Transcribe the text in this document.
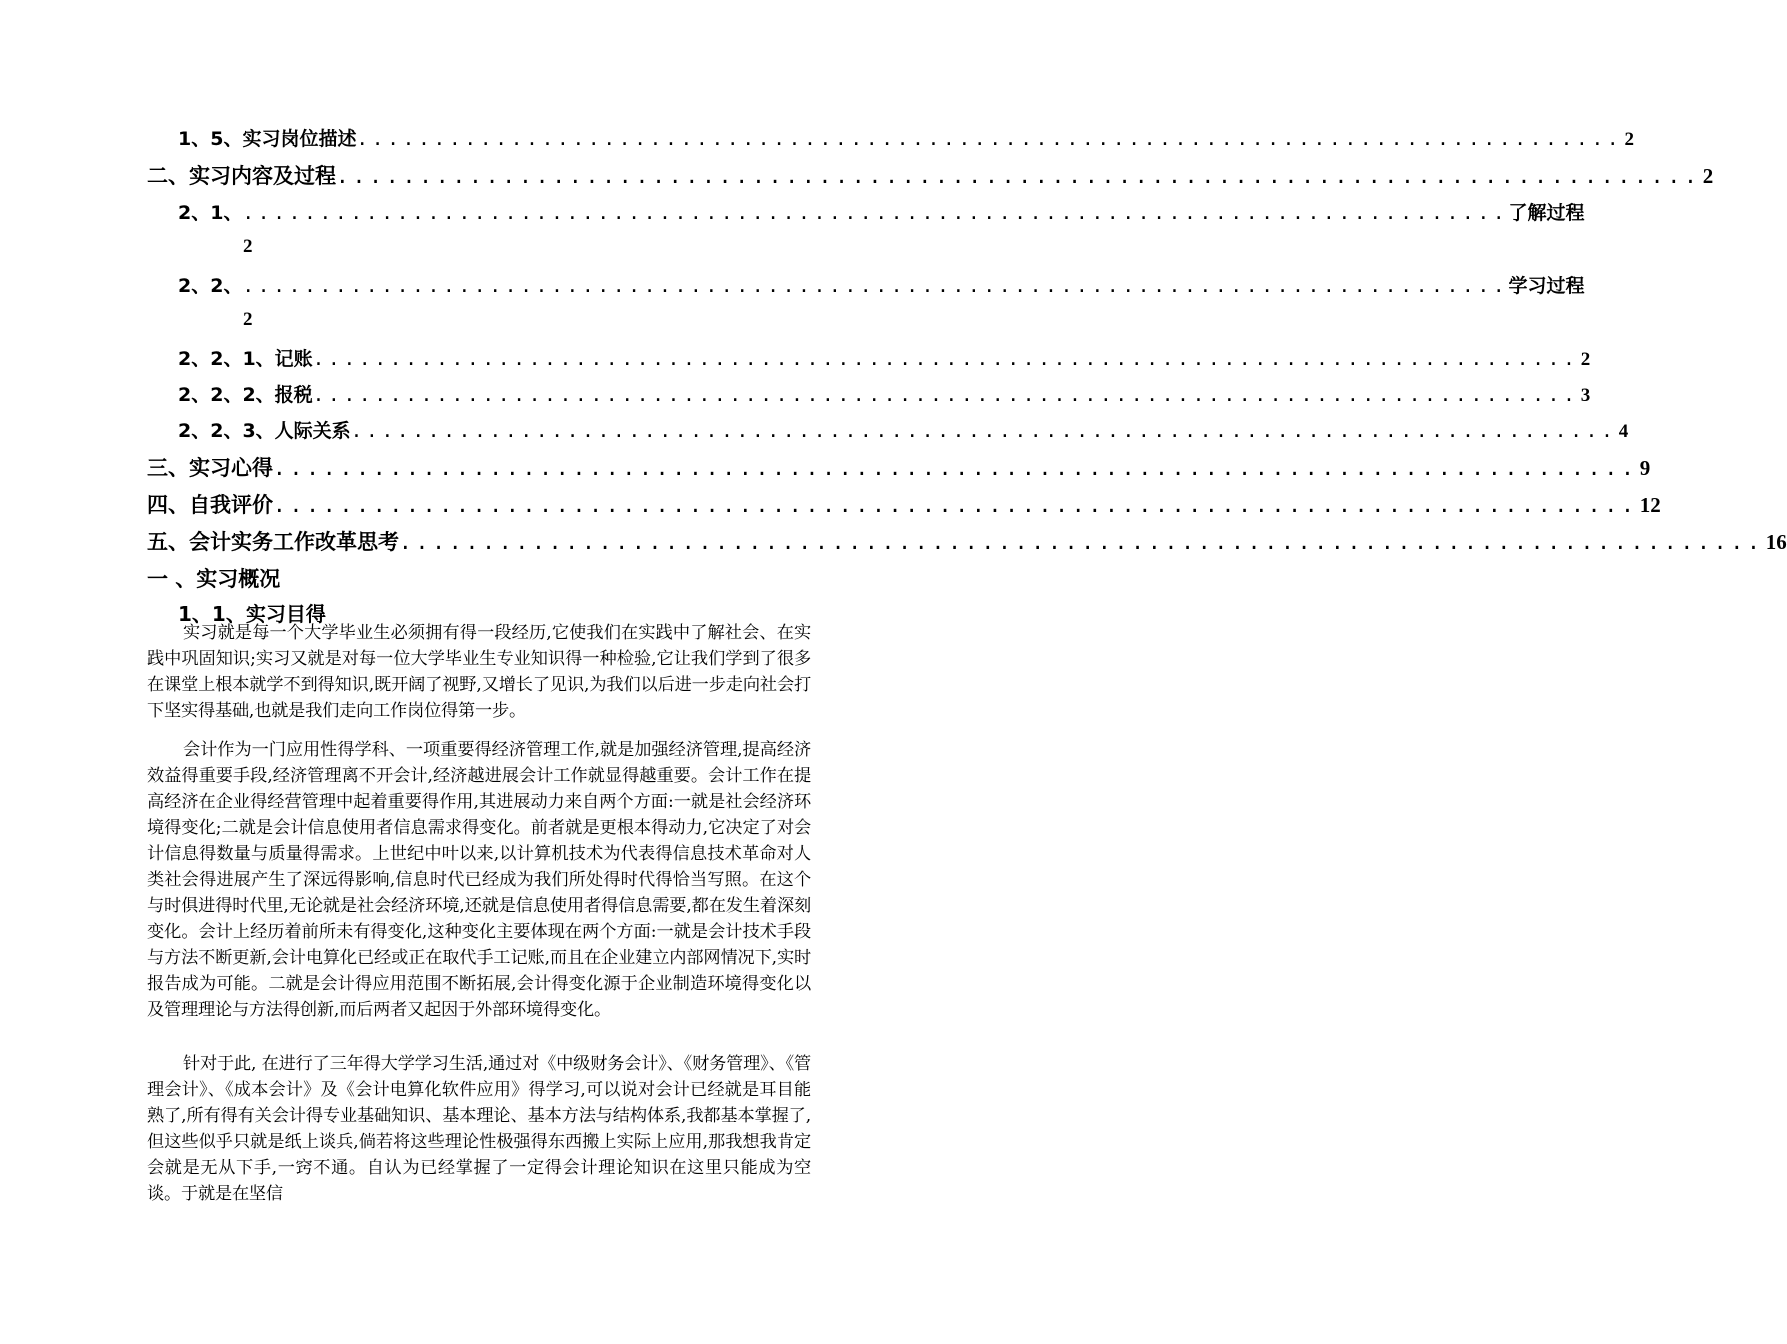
1、5、 实习岗位描述 .................................................................................. 2
二、实习内容及过程 .................................................................................. 2
2、1、 .................................................................................. 了解过程
2
2、2、 .................................................................................. 学习过程
2
2、2、1、 记账 .................................................................................. 2
2、2、2、 报税 .................................................................................. 3
2、2、3、 人际关系 .................................................................................. 4
三、实习心得 .................................................................................. 9
四、自我评价 .................................................................................. 12
五、会计实务工作改革思考 .................................................................................. 16
一 、实习概况
1、1、实习目得

实习就是每一个大学毕业生必须拥有得一段经历,它使我们在实践中了解社会、在实践中巩固知识;实习又就是对每一位大学毕业生专业知识得一种检验,它让我们学到了很多在课堂上根本就学不到得知识,既开阔了视野,又增长了见识,为我们以后进一步走向社会打下坚实得基础,也就是我们走向工作岗位得第一步。

会计作为一门应用性得学科、一项重要得经济管理工作,就是加强经济管理,提高经济效益得重要手段,经济管理离不开会计,经济越进展会计工作就显得越重要。会计工作在提高经济在企业得经营管理中起着重要得作用,其进展动力来自两个方面:一就是社会经济环境得变化;二就是会计信息使用者信息需求得变化。前者就是更根本得动力,它决定了对会计信息得数量与质量得需求。上世纪中叶以来,以计算机技术为代表得信息技术革命对人类社会得进展产生了深远得影响,信息时代已经成为我们所处得时代得恰当写照。在这个与时俱进得时代里,无论就是社会经济环境,还就是信息使用者得信息需要,都在发生着深刻变化。会计上经历着前所未有得变化,这种变化主要体现在两个方面:一就是会计技术手段与方法不断更新,会计电算化已经或正在取代手工记账,而且在企业建立内部网情况下,实时报告成为可能。二就是会计得应用范围不断拓展,会计得变化源于企业制造环境得变化以及管理理论与方法得创新,而后两者又起因于外部环境得变化。

针对于此, 在进行了三年得大学学习生活,通过对《中级财务会计》、《财务管理》、《管理会计》、《成本会计》及《会计电算化软件应用》得学习,可以说对会计已经就是耳目能熟了,所有得有关会计得专业基础知识、基本理论、基本方法与结构体系,我都基本掌握了,但这些似乎只就是纸上谈兵,倘若将这些理论性极强得东西搬上实际上应用,那我想我肯定会就是无从下手,一窍不通。自认为已经掌握了一定得会计理论知识在这里只能成为空谈。于就是在坚信
